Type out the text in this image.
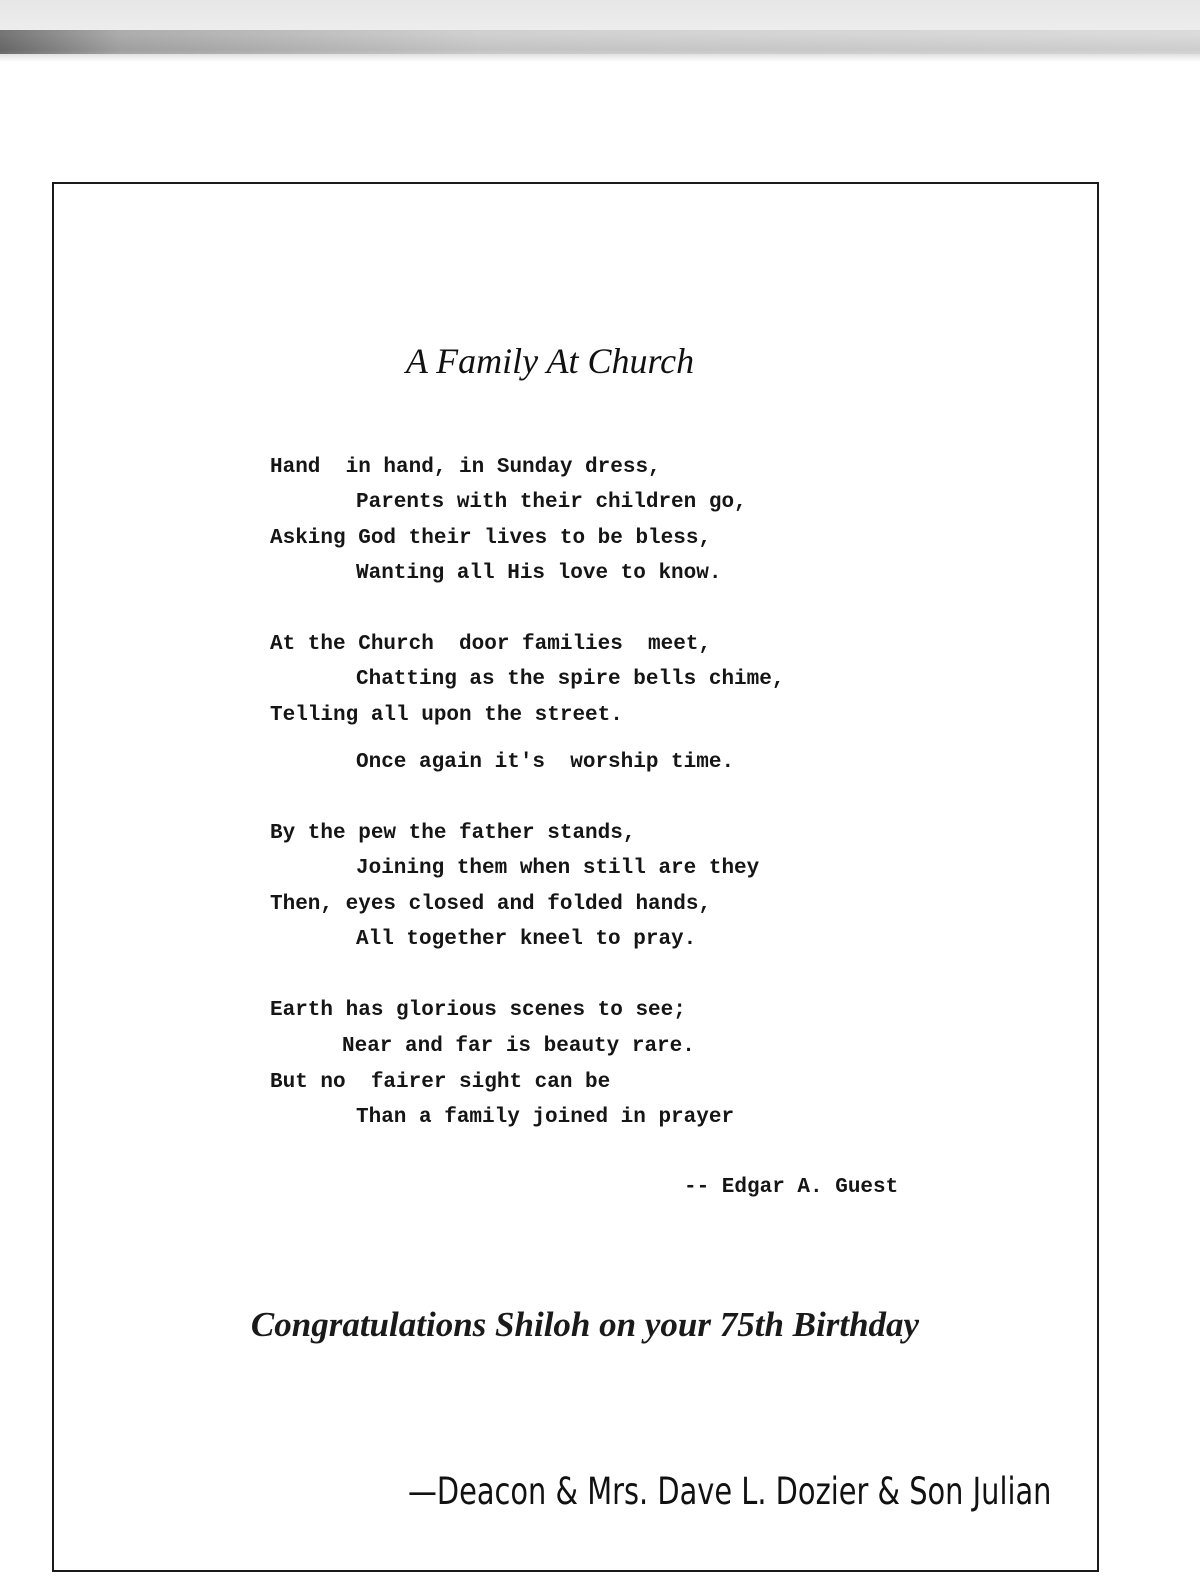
A Family At Church

Hand  in hand, in Sunday dress,

Parents with their children go,

Asking God their lives to be bless,

Wanting all His love to know.

At the Church  door families  meet,

Chatting as the spire bells chime,

Telling all upon the street.

Once again it's  worship time.

By the pew the father stands,

Joining them when still are they

Then, eyes closed and folded hands,

All together kneel to pray.

Earth has glorious scenes to see;

Near and far is beauty rare.

But no  fairer sight can be

Than a family joined in prayer

-- Edgar A. Guest
Congratulations Shiloh on your 75th Birthday
—Deacon & Mrs. Dave L. Dozier & Son Julian
